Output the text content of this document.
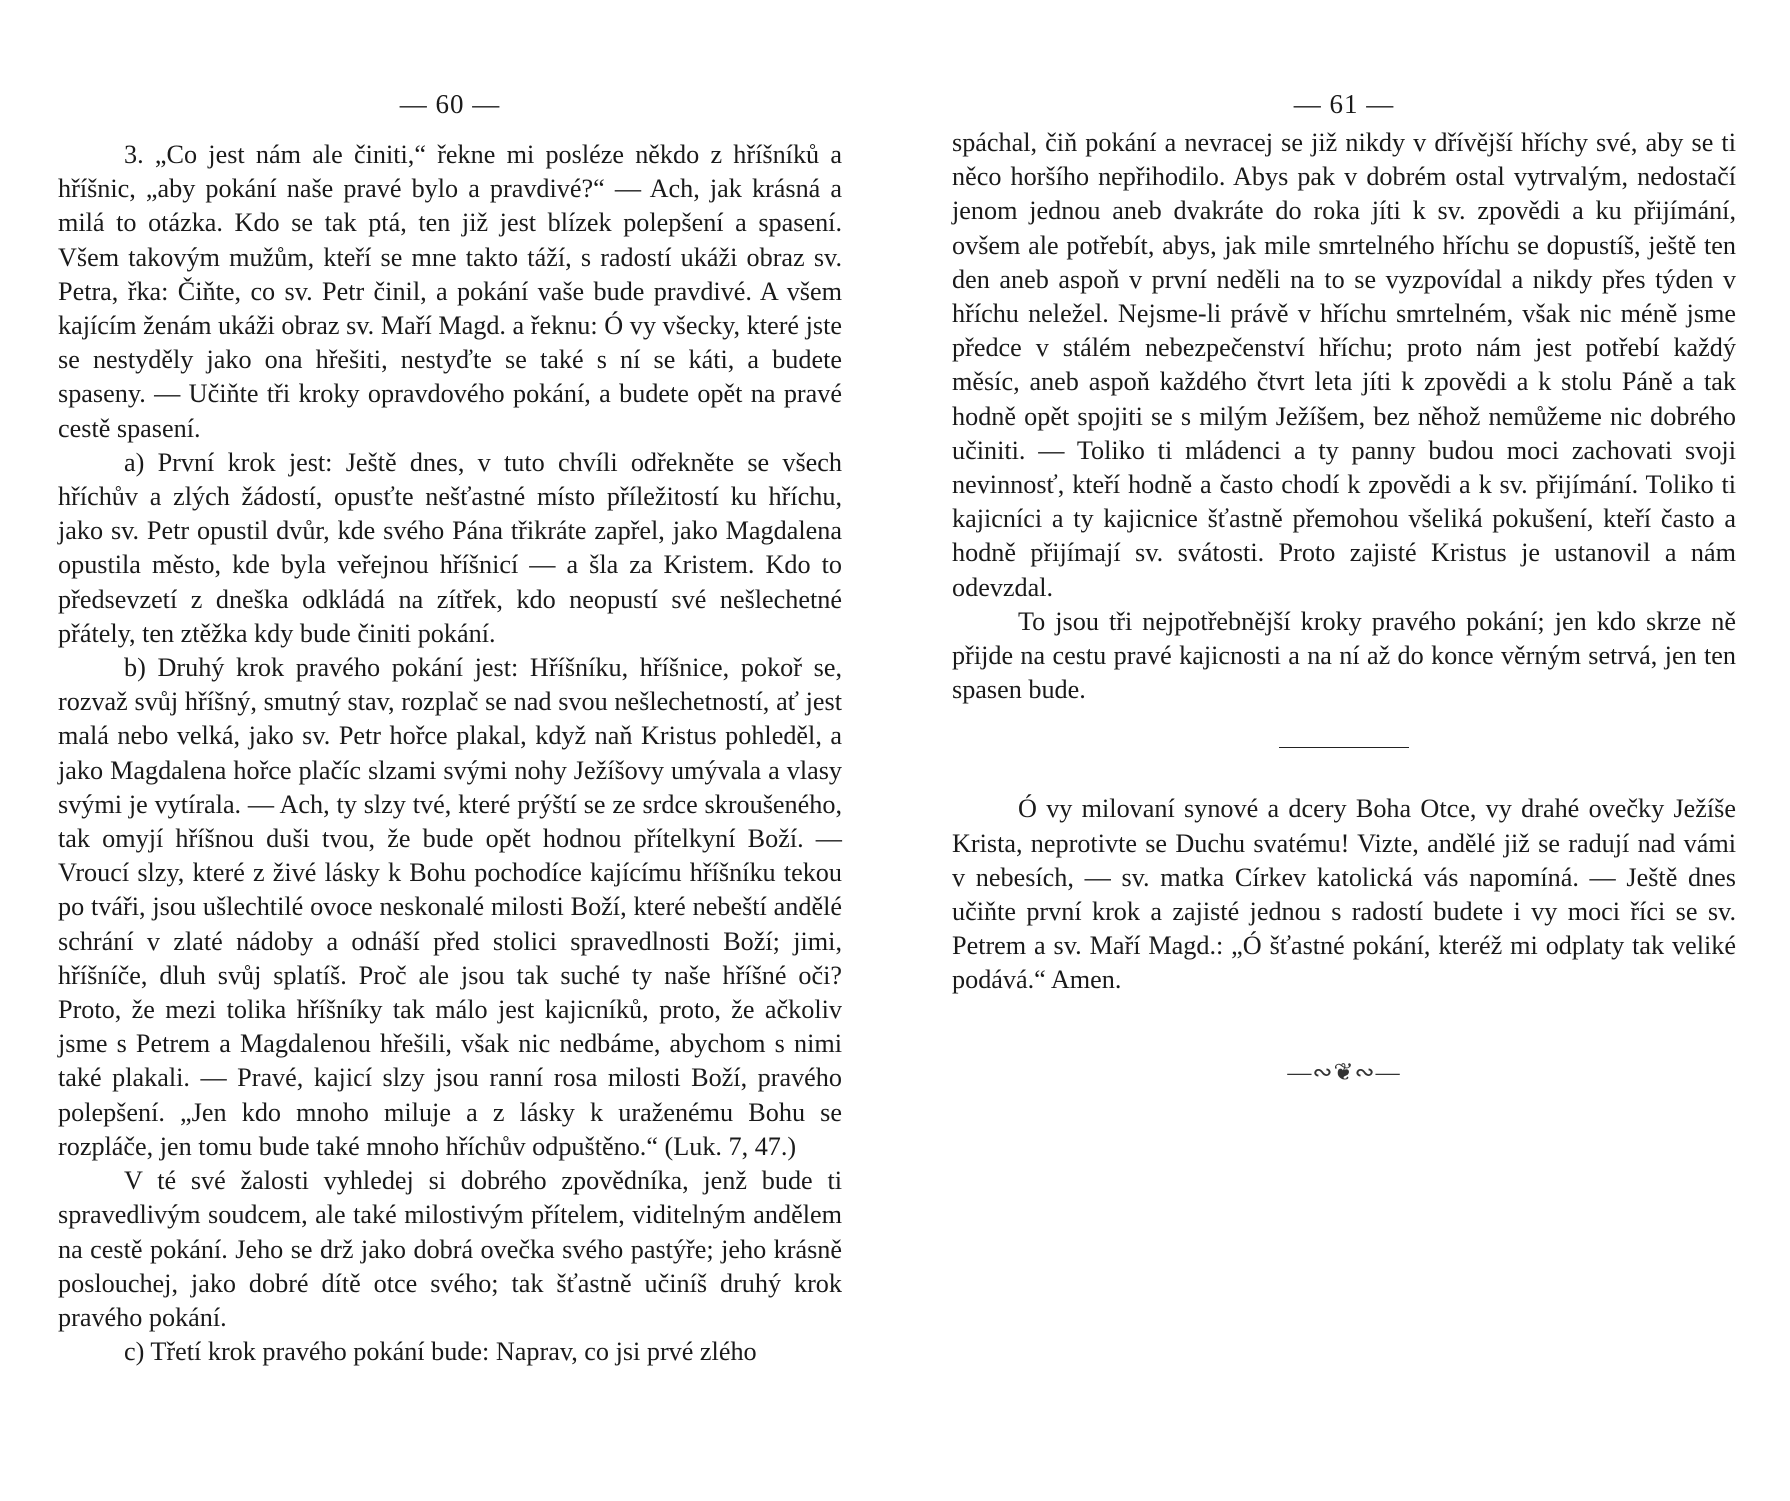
— 60 —

3. „Co jest nám ale činiti,“ řekne mi posléze někdo z hříšníků a hříšnic, „aby pokání naše pravé bylo a pravdivé?“ — Ach, jak krásná a milá to otázka. Kdo se tak ptá, ten již jest blízek polepšení a spasení. Všem takovým mužům, kteří se mne takto táží, s radostí ukáži obraz sv. Petra, řka: Čiňte, co sv. Petr činil, a pokání vaše bude pravdivé. A všem kajícím ženám ukáži obraz sv. Maří Magd. a řeknu: Ó vy všecky, které jste se nestyděly jako ona hřešiti, nestyďte se také s ní se káti, a budete spaseny. — Učiňte tři kroky opravdového pokání, a budete opět na pravé cestě spasení.

a) První krok jest: Ještě dnes, v tuto chvíli odřekněte se všech hříchův a zlých žádostí, opusťte nešťastné místo příležitostí ku hříchu, jako sv. Petr opustil dvůr, kde svého Pána třikráte zapřel, jako Magdalena opustila město, kde byla veřejnou hříšnicí — a šla za Kristem. Kdo to předsevzetí z dneška odkládá na zítřek, kdo neopustí své nešlechetné přátely, ten ztěžka kdy bude činiti pokání.

b) Druhý krok pravého pokání jest: Hříšníku, hříšnice, pokoř se, rozvaž svůj hříšný, smutný stav, rozplač se nad svou nešlechetností, ať jest malá nebo velká, jako sv. Petr hořce plakal, když naň Kristus pohleděl, a jako Magdalena hořce plačíc slzami svými nohy Ježíšovy umývala a vlasy svými je vytírala. — Ach, ty slzy tvé, které prýští se ze srdce skroušeného, tak omyjí hříšnou duši tvou, že bude opět hodnou přítelkyní Boží. — Vroucí slzy, které z živé lásky k Bohu pochodíce kajícímu hříšníku tekou po tváři, jsou ušlechtilé ovoce neskonalé milosti Boží, které nebeští andělé schrání v zlaté nádoby a odnáší před stolici spravedlnosti Boží; jimi, hříšníče, dluh svůj splatíš. Proč ale jsou tak suché ty naše hříšné oči? Proto, že mezi tolika hříšníky tak málo jest kajicníků, proto, že ačkoliv jsme s Petrem a Magdalenou hřešili, však nic nedbáme, abychom s nimi také plakali. — Pravé, kajicí slzy jsou ranní rosa milosti Boží, pravého polepšení. „Jen kdo mnoho miluje a z lásky k uraženému Bohu se rozpláče, jen tomu bude také mnoho hříchův odpuštěno.“ (Luk. 7, 47.)

V té své žalosti vyhledej si dobrého zpovědníka, jenž bude ti spravedlivým soudcem, ale také milostivým přítelem, viditelným andělem na cestě pokání. Jeho se drž jako dobrá ovečka svého pastýře; jeho krásně poslouchej, jako dobré dítě otce svého; tak šťastně učiníš druhý krok pravého pokání.

c) Třetí krok pravého pokání bude: Naprav, co jsi prvé zlého

— 61 —

spáchal, čiň pokání a nevracej se již nikdy v dřívější hříchy své, aby se ti něco horšího nepřihodilo. Abys pak v dobrém ostal vytrvalým, nedostačí jenom jednou aneb dvakráte do roka jíti k sv. zpovědi a ku přijímání, ovšem ale potřebít, abys, jak mile smrtelného hříchu se dopustíš, ještě ten den aneb aspoň v první neděli na to se vyzpovídal a nikdy přes týden v hříchu neležel. Nejsme-li právě v hříchu smrtelném, však nic méně jsme předce v stálém nebezpečenství hříchu; proto nám jest potřebí každý měsíc, aneb aspoň každého čtvrt leta jíti k zpovědi a k stolu Páně a tak hodně opět spojiti se s milým Ježíšem, bez něhož nemůžeme nic dobrého učiniti. — Toliko ti mládenci a ty panny budou moci zachovati svoji nevinnosť, kteří hodně a často chodí k zpovědi a k sv. přijímání. Toliko ti kajicníci a ty kajicnice šťastně přemohou všeliká pokušení, kteří často a hodně přijímají sv. svátosti. Proto zajisté Kristus je ustanovil a nám odevzdal.

To jsou tři nejpotřebnější kroky pravého pokání; jen kdo skrze ně přijde na cestu pravé kajicnosti a na ní až do konce věrným setrvá, jen ten spasen bude.

Ó vy milovaní synové a dcery Boha Otce, vy drahé ovečky Ježíše Krista, neprotivte se Duchu svatému! Vizte, andělé již se radují nad vámi v nebesích, — sv. matka Církev katolická vás napomíná. — Ještě dnes učiňte první krok a zajisté jednou s radostí budete i vy moci říci se sv. Petrem a sv. Maří Magd.: „Ó šťastné pokání, kteréž mi odplaty tak veliké podává.“ Amen.

—∾❦∾—
